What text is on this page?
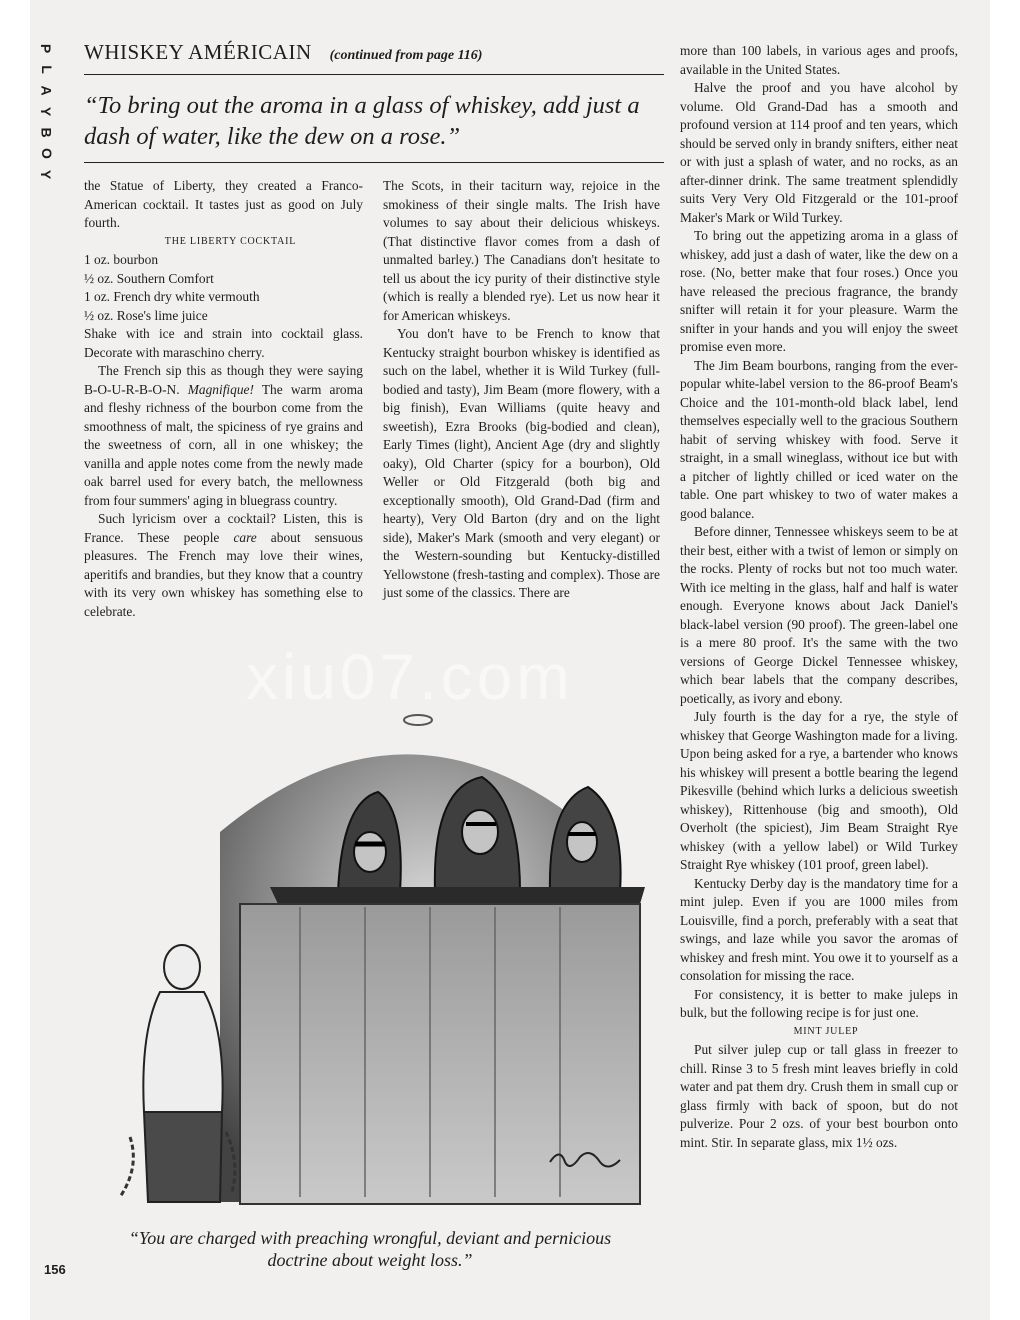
P
L
A
Y
B
O
Y
WHISKEY AMÉRICAIN (continued from page 116)
“To bring out the aroma in a glass of whiskey, add just a dash of water, like the dew on a rose.”

the Statue of Liberty, they created a Franco-American cocktail. It tastes just as good on July fourth.

THE LIBERTY COCKTAIL

1 oz. bourbon

½ oz. Southern Comfort

1 oz. French dry white vermouth

½ oz. Rose's lime juice

Shake with ice and strain into cocktail glass. Decorate with maraschino cherry.

The French sip this as though they were saying B-O-U-R-B-O-N. Magnifique! The warm aroma and fleshy richness of the bourbon come from the smoothness of malt, the spiciness of rye grains and the sweetness of corn, all in one whiskey; the vanilla and apple notes come from the newly made oak barrel used for every batch, the mellowness from four summers' aging in bluegrass country.

Such lyricism over a cocktail? Listen, this is France. These people care about sensuous pleasures. The French may love their wines, aperitifs and brandies, but they know that a country with its very own whiskey has something else to celebrate.

The Scots, in their taciturn way, rejoice in the smokiness of their single malts. The Irish have volumes to say about their delicious whiskeys. (That distinctive flavor comes from a dash of unmalted barley.) The Canadians don't hesitate to tell us about the icy purity of their distinctive style (which is really a blended rye). Let us now hear it for American whiskeys.

You don't have to be French to know that Kentucky straight bourbon whiskey is identified as such on the label, whether it is Wild Turkey (full-bodied and tasty), Jim Beam (more flowery, with a big finish), Evan Williams (quite heavy and sweetish), Ezra Brooks (big-bodied and clean), Early Times (light), Ancient Age (dry and slightly oaky), Old Charter (spicy for a bourbon), Old Weller or Old Fitzgerald (both big and exceptionally smooth), Old Grand-Dad (firm and hearty), Very Old Barton (dry and on the light side), Maker's Mark (smooth and very elegant) or the Western-sounding but Kentucky-distilled Yellowstone (fresh-tasting and complex). Those are just some of the classics. There are

more than 100 labels, in various ages and proofs, available in the United States.

Halve the proof and you have alcohol by volume. Old Grand-Dad has a smooth and profound version at 114 proof and ten years, which should be served only in brandy snifters, either neat or with just a splash of water, and no rocks, as an after-dinner drink. The same treatment splendidly suits Very Very Old Fitzgerald or the 101-proof Maker's Mark or Wild Turkey.

To bring out the appetizing aroma in a glass of whiskey, add just a dash of water, like the dew on a rose. (No, better make that four roses.) Once you have released the precious fragrance, the brandy snifter will retain it for your pleasure. Warm the snifter in your hands and you will enjoy the sweet promise even more.

The Jim Beam bourbons, ranging from the ever-popular white-label version to the 86-proof Beam's Choice and the 101-month-old black label, lend themselves especially well to the gracious Southern habit of serving whiskey with food. Serve it straight, in a small wineglass, without ice but with a pitcher of lightly chilled or iced water on the table. One part whiskey to two of water makes a good balance.

Before dinner, Tennessee whiskeys seem to be at their best, either with a twist of lemon or simply on the rocks. Plenty of rocks but not too much water. With ice melting in the glass, half and half is water enough. Everyone knows about Jack Daniel's black-label version (90 proof). The green-label one is a mere 80 proof. It's the same with the two versions of George Dickel Tennessee whiskey, which bear labels that the company describes, poetically, as ivory and ebony.

July fourth is the day for a rye, the style of whiskey that George Washington made for a living. Upon being asked for a rye, a bartender who knows his whiskey will present a bottle bearing the legend Pikesville (behind which lurks a delicious sweetish whiskey), Rittenhouse (big and smooth), Old Overholt (the spiciest), Jim Beam Straight Rye whiskey (with a yellow label) or Wild Turkey Straight Rye whiskey (101 proof, green label).

Kentucky Derby day is the mandatory time for a mint julep. Even if you are 1000 miles from Louisville, find a porch, preferably with a seat that swings, and laze while you savor the aromas of whiskey and fresh mint. You owe it to yourself as a consolation for missing the race.

For consistency, it is better to make juleps in bulk, but the following recipe is for just one.

MINT JULEP

Put silver julep cup or tall glass in freezer to chill. Rinse 3 to 5 fresh mint leaves briefly in cold water and pat them dry. Crush them in small cup or glass firmly with back of spoon, but do not pulverize. Pour 2 ozs. of your best bourbon onto mint. Stir. In separate glass, mix 1½ ozs.

“You are charged with preaching wrongful, deviant and pernicious doctrine about weight loss.”
156
xiu07.com
